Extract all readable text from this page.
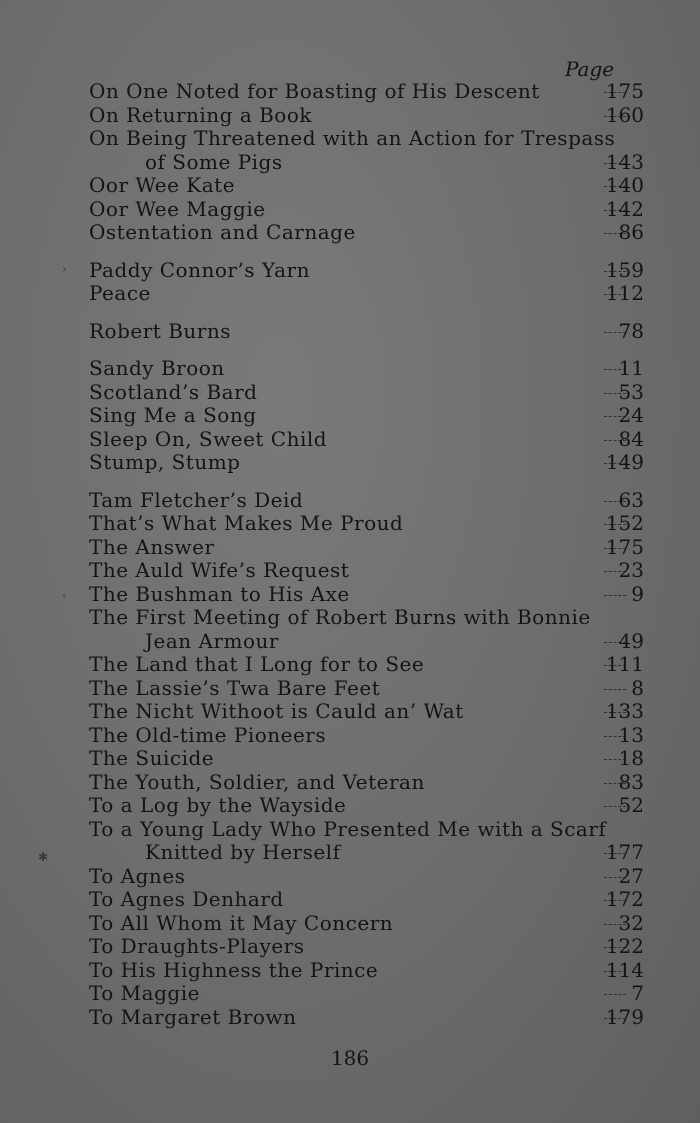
Page
On One Noted for Boasting of His Descent	175
On Returning a Book	160
On Being Threatened with an Action for Trespass
of Some Pigs	143
Oor Wee Kate	140
Oor Wee Maggie	142
Ostentation and Carnage	86
Paddy Connor’s Yarn	159
Peace	112
Robert Burns	78
Sandy Broon	11
Scotland’s Bard	53
Sing Me a Song	24
Sleep On, Sweet Child	84
Stump, Stump	149
Tam Fletcher’s Deid	63
That’s What Makes Me Proud	152
The Answer	175
The Auld Wife’s Request	23
The Bushman to His Axe	9
The First Meeting of Robert Burns with Bonnie
Jean Armour	49
The Land that I Long for to See	111
The Lassie’s Twa Bare Feet	8
The Nicht Withoot is Cauld an’ Wat	133
The Old-time Pioneers	13
The Suicide	18
The Youth, Soldier, and Veteran	83
To a Log by the Wayside	52
To a Young Lady Who Presented Me with a Scarf
Knitted by Herself	177
To Agnes	27
To Agnes Denhard	172
To All Whom it May Concern	32
To Draughts-Players	122
To His Highness the Prince	114
To Maggie	7
To Margaret Brown	179
186
›
‹
✱
